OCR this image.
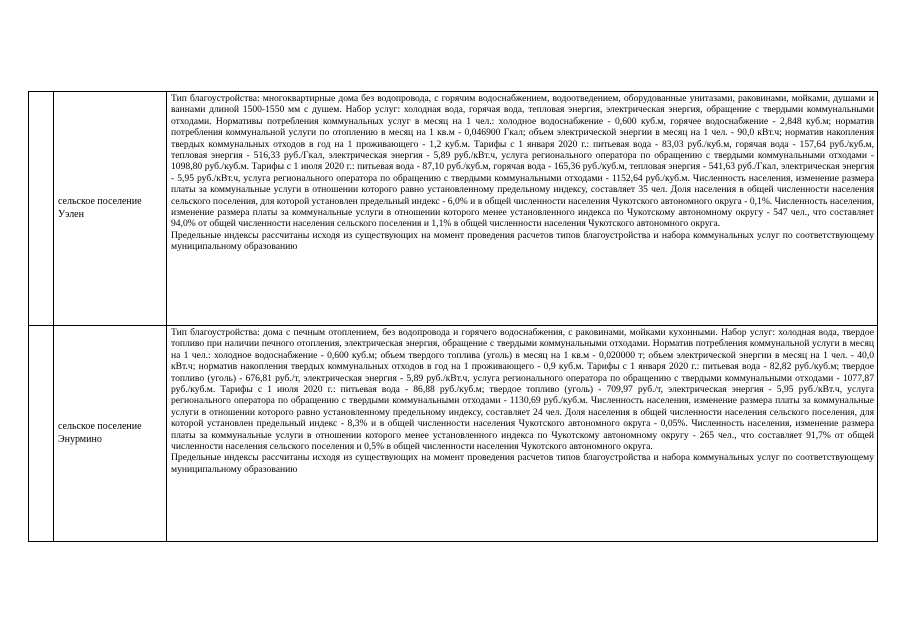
	сельское поселение Уэлен	Тип благоустройства: многоквартирные дома без водопровода, с горячим водоснабжением, водоотведением, оборудованные унитазами, раковинами, мойками, душами и ваннами длиной 1500-1550 мм с душем. Набор услуг: холодная вода, горячая вода, тепловая энергия, электрическая энергия, обращение с твердыми коммунальными отходами. Нормативы потребления коммунальных услуг в месяц на 1 чел.: холодное водоснабжение - 0,600 куб.м, горячее водоснабжение - 2,848 куб.м; норматив потребления коммунальной услуги по отоплению в месяц на 1 кв.м - 0,046900 Гкал; объем электрической энергии в месяц на 1 чел. - 90,0 кВт.ч; норматив накопления твердых коммунальных отходов в год на 1 проживающего - 1,2 куб.м. Тарифы с 1 января 2020 г.: питьевая вода - 83,03 руб./куб.м, горячая вода - 157,64 руб./куб.м, тепловая энергия - 516,33 руб./Гкал, электрическая энергия - 5,89 руб./кВт.ч, услуга регионального оператора по обращению с твердыми коммунальными отходами - 1098,80 руб./куб.м. Тарифы с 1 июля 2020 г.: питьевая вода - 87,10 руб./куб.м, горячая вода - 165,36 руб./куб.м, тепловая энергия - 541,63 руб./Гкал, электрическая энергия - 5,95 руб./кВт.ч, услуга регионального оператора по обращению с твердыми коммунальными отходами - 1152,64 руб./куб.м. Численность населения, изменение размера платы за коммунальные услуги в отношении которого равно установленному предельному индексу, составляет 35 чел. Доля населения в общей численности населения сельского поселения, для которой установлен предельный индекс - 6,0% и в общей численности населения Чукотского автономного округа - 0,1%. Численность населения, изменение размера платы за коммунальные услуги в отношении которого менее установленного индекса по Чукотскому автономному округу - 547 чел., что составляет 94,0% от общей численности населения сельского поселения и 1,1% в общей численности населения Чукотского автономного округа.

Предельные индексы рассчитаны исходя из существующих на момент проведения расчетов типов благоустройства и набора коммунальных услуг по соответствующему муниципальному образованию

	сельское поселение Энурмино	Тип благоустройства: дома с печным отоплением, без водопровода и горячего водоснабжения, с раковинами, мойками кухонными. Набор услуг: холодная вода, твердое топливо при наличии печного отопления, электрическая энергия, обращение с твердыми коммунальными отходами. Норматив потребления коммунальной услуги в месяц на 1 чел.: холодное водоснабжение - 0,600 куб.м; объем твердого топлива (уголь) в месяц на 1 кв.м - 0,020000 т; объем электрической энергии в месяц на 1 чел. - 40,0 кВт.ч; норматив накопления твердых коммунальных отходов в год на 1 проживающего - 0,9 куб.м. Тарифы с 1 января 2020 г.: питьевая вода - 82,82 руб./куб.м; твердое топливо (уголь) - 676,81 руб./т, электрическая энергия - 5,89 руб./кВт.ч, услуга регионального оператора по обращению с твердыми коммунальными отходами - 1077,87 руб./куб.м. Тарифы с 1 июля 2020 г.: питьевая вода - 86,88 руб./куб.м; твердое топливо (уголь) - 709,97 руб./т, электрическая энергия - 5,95 руб./кВт.ч, услуга регионального оператора по обращению с твердыми коммунальными отходами - 1130,69 руб./куб.м. Численность населения, изменение размера платы за коммунальные услуги в отношении которого равно установленному предельному индексу, составляет 24 чел. Доля населения в общей численности населения сельского поселения, для которой установлен предельный индекс - 8,3% и в общей численности населения Чукотского автономного округа - 0,05%. Численность населения, изменение размера платы за коммунальные услуги в отношении которого менее установленного индекса по Чукотскому автономному округу - 265 чел., что составляет 91,7% от общей численности населения сельского поселения и 0,5% в общей численности населения Чукотского автономного округа.

Предельные индексы рассчитаны исходя из существующих на момент проведения расчетов типов благоустройства и набора коммунальных услуг по соответствующему муниципальному образованию
